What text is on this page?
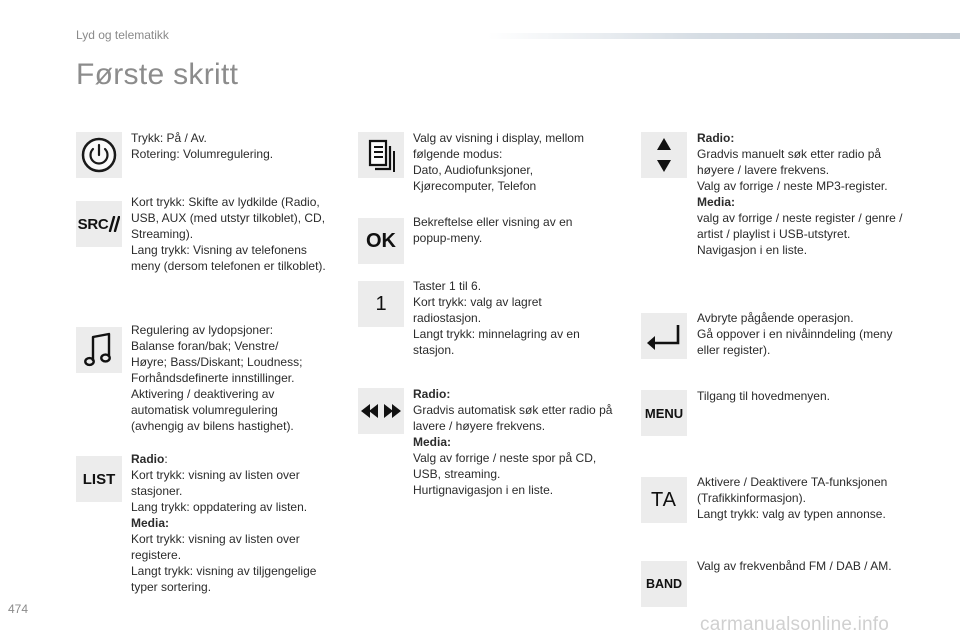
Lyd og telematikk
Første skritt
Trykk: På / Av.
Rotering: Volumregulering.
SRC
Kort trykk: Skifte av lydkilde (Radio,
USB, AUX (med utstyr tilkoblet), CD,
Streaming).
Lang trykk: Visning av telefonens
meny (dersom telefonen er tilkoblet).
Regulering av lydopsjoner:
Balanse foran/bak; Venstre/
Høyre; Bass/Diskant; Loudness;
Forhåndsdefinerte innstillinger.
Aktivering / deaktivering av
automatisk volumregulering
(avhengig av bilens hastighet).
LIST
Radio:
Kort trykk: visning av listen over
stasjoner.
Lang trykk: oppdatering av listen.
Media:
Kort trykk: visning av listen over
registere.
Langt trykk: visning av tiljgengelige
typer sortering.
Valg av visning i display, mellom
følgende modus:
Dato, Audiofunksjoner,
Kjørecomputer, Telefon
OK
Bekreftelse eller visning av en
popup-meny.
1
Taster 1 til 6.
Kort trykk: valg av lagret
radiostasjon.
Langt trykk: minnelagring av en
stasjon.
Radio:
Gradvis automatisk søk etter radio på
lavere / høyere frekvens.
Media:
Valg av forrige / neste spor på CD,
USB, streaming.
Hurtignavigasjon i en liste.
Radio:
Gradvis manuelt søk etter radio på
høyere / lavere frekvens.
Valg av forrige / neste MP3-register.
Media:
valg av forrige / neste register / genre /
artist / playlist i USB-utstyret.
Navigasjon i en liste.
Avbryte pågående operasjon.
Gå oppover i en nivåinndeling (meny
eller register).
MENU
Tilgang til hovedmenyen.
TA
Aktivere / Deaktivere TA-funksjonen
(Trafikkinformasjon).
Langt trykk: valg av typen annonse.
BAND
Valg av frekvenbånd FM / DAB / AM.
474
carmanualsonline.info
